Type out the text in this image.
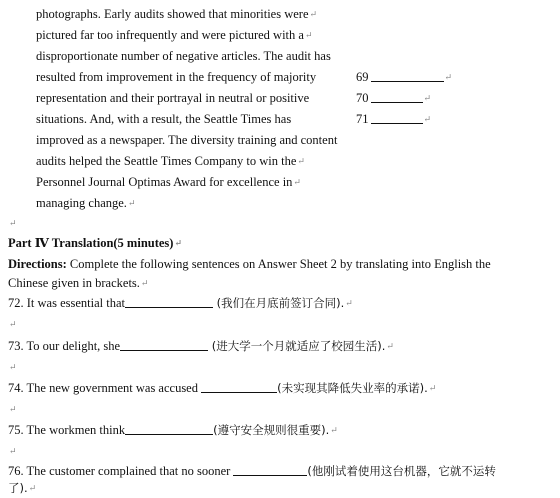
photographs. Early audits showed that minorities were↵
pictured far too infrequently and were pictured with a↵
disproportionate number of negative articles. The audit has
resulted from improvement in the frequency of majority
representation and their portrayal in neutral or positive
situations. And, with a result, the Seattle Times has
improved as a newspaper. The diversity training and content
audits helped the Seattle Times Company to win the↵
Personnel Journal Optimas Award for excellence in↵
managing change.↵
69	↵
70	↵
71	↵
↵
Part Ⅳ Translation(5 minutes)↵
Directions: Complete the following sentences on Answer Sheet 2 by translating into English the
Chinese given in brackets.↵
72. It was essential that	(我们在月底前签订合同).↵
↵
73. To our delight, she	(进大学一个月就适应了校园生活).↵
↵
74. The new government was accused	(未实现其降低失业率的承诺).↵
↵
75. The workmen think	(遵守安全规则很重要).↵
↵
76. The customer complained that no sooner	(他刚试着使用这台机器，它就不运转
了).↵
